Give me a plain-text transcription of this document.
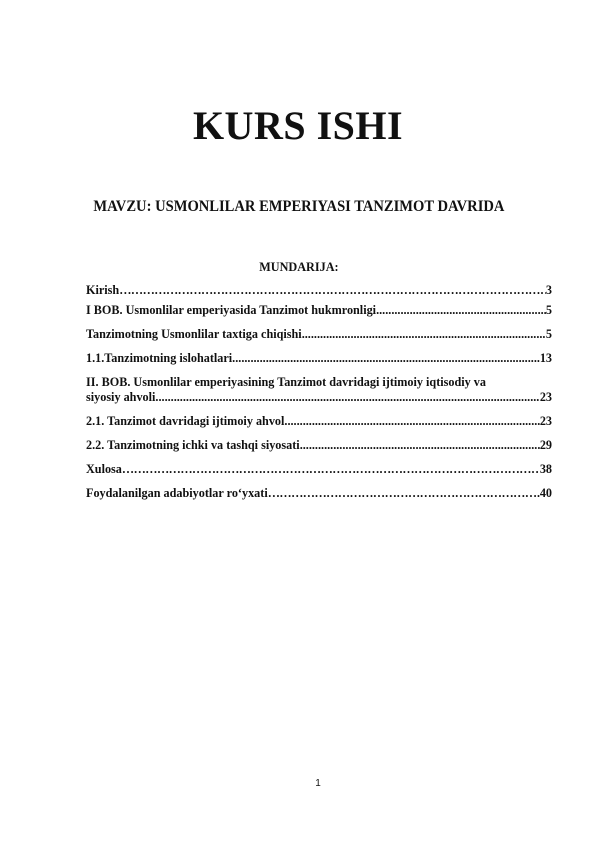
KURS ISHI

MAVZU: USMONLILAR EMPERIYASI TANZIMOT DAVRIDA

MUNDARIJA:

Kirish ……………………………………………………………………………………………………………………………………………………………………………………	3
I BOB. Usmonlilar emperiyasida Tanzimot hukmronligi .....	5
Tanzimotning Usmonlilar taxtiga chiqishi .....	5
1.1. Tanzimotning islohatlari .....	13
II. BOB. Usmonlilar emperiyasining Tanzimot davridagi ijtimoiy iqtisodiy va
siyosiy ahvoli .....	23
2.1. Tanzimot davridagi ijtimoiy ahvol .....	23
2.2. Tanzimotning ichki va tashqi siyosati .....	29
Xulosa ……………………………………………………………………………………………………………………………………………………………………………………	38
Foydalanilgan adabiyotlar ro‘yxati ……………………………………………………………………………………………………………………………………………………………………………………	40

1
